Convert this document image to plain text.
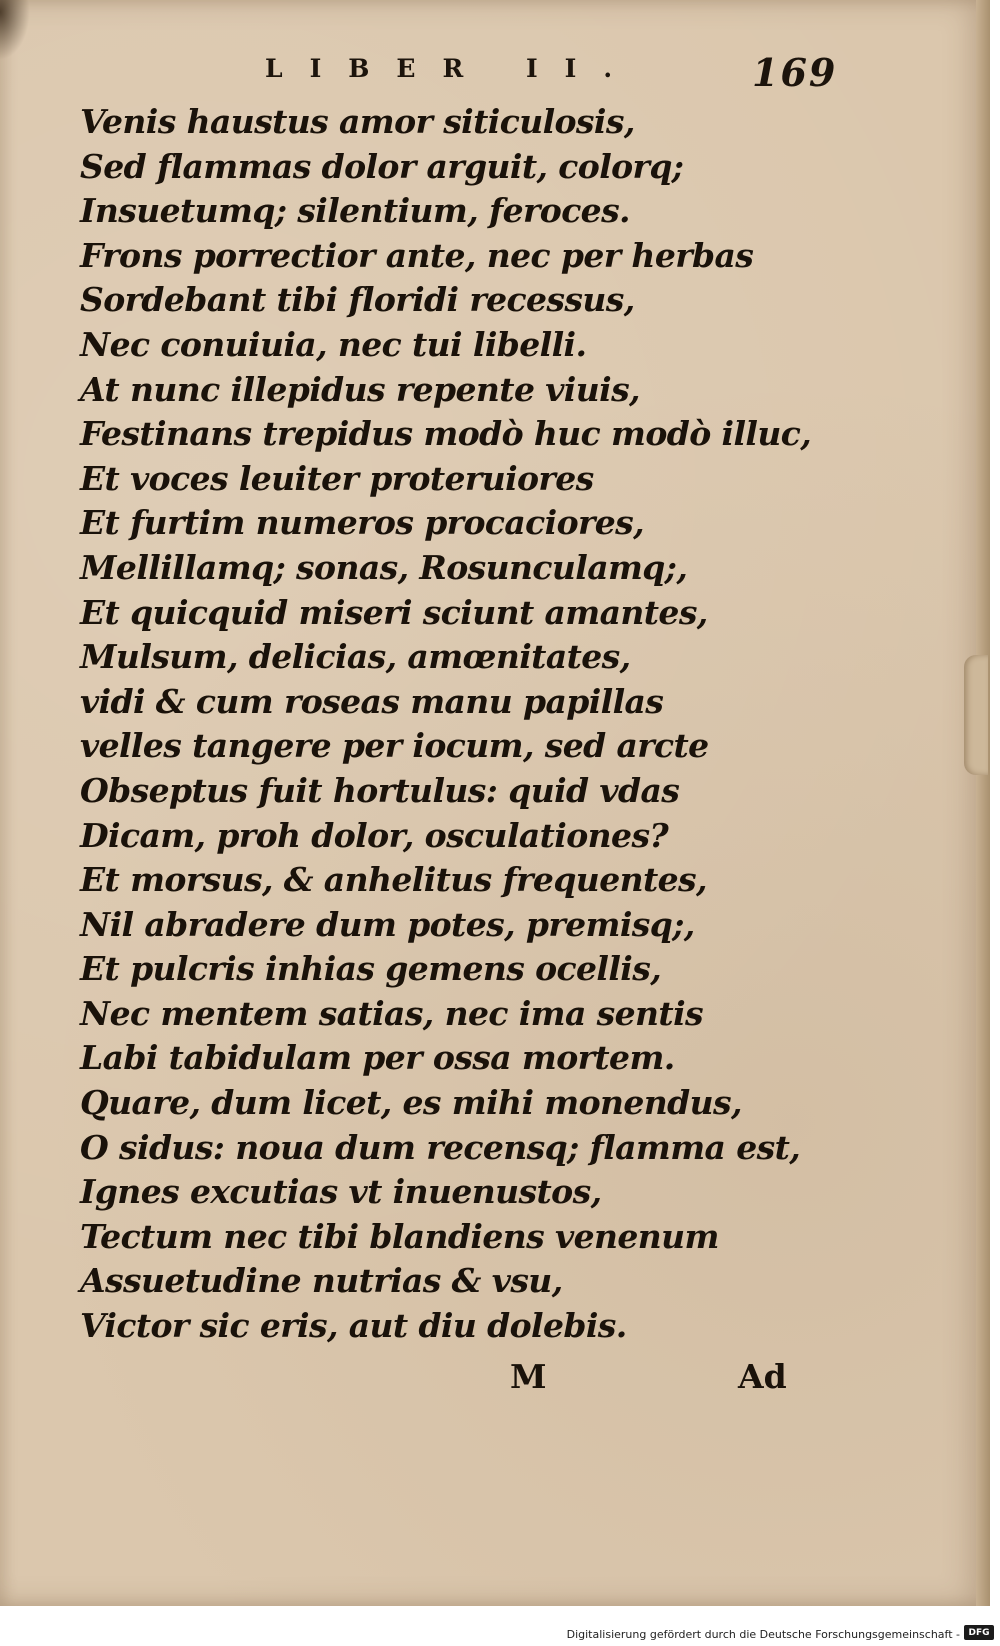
LIBER II.	169
Venis haustus amor siticulosis,
Sed flammas dolor arguit, colorq;
Insuetumq; silentium, feroces.
Frons porrectior ante, nec per herbas
Sordebant tibi floridi recessus,
Nec conuiuia, nec tui libelli.
At nunc illepidus repente viuis,
Festinans trepidus modò huc modò illuc,
Et voces leuiter proteruiores
Et furtim numeros procaciores,
Mellillamq; sonas, Rosunculamq;,
Et quicquid miseri sciunt amantes,
Mulsum, delicias, amœnitates,
vidi & cum roseas manu papillas
velles tangere per iocum, sed arcte
Obseptus fuit hortulus: quid vdas
Dicam, proh dolor, osculationes?
Et morsus, & anhelitus frequentes,
Nil abradere dum potes, premisq;,
Et pulcris inhias gemens ocellis,
Nec mentem satias, nec ima sentis
Labi tabidulam per ossa mortem.
Quare, dum licet, es mihi monendus,
O sidus: noua dum recensq; flamma est,
Ignes excutias vt inuenustos,
Tectum nec tibi blandiens venenum
Assuetudine nutrias & vsu,
Victor sic eris, aut diu dolebis.
M	Ad
Digitalisierung gefördert durch die Deutsche Forschungsgemeinschaft - DFG
